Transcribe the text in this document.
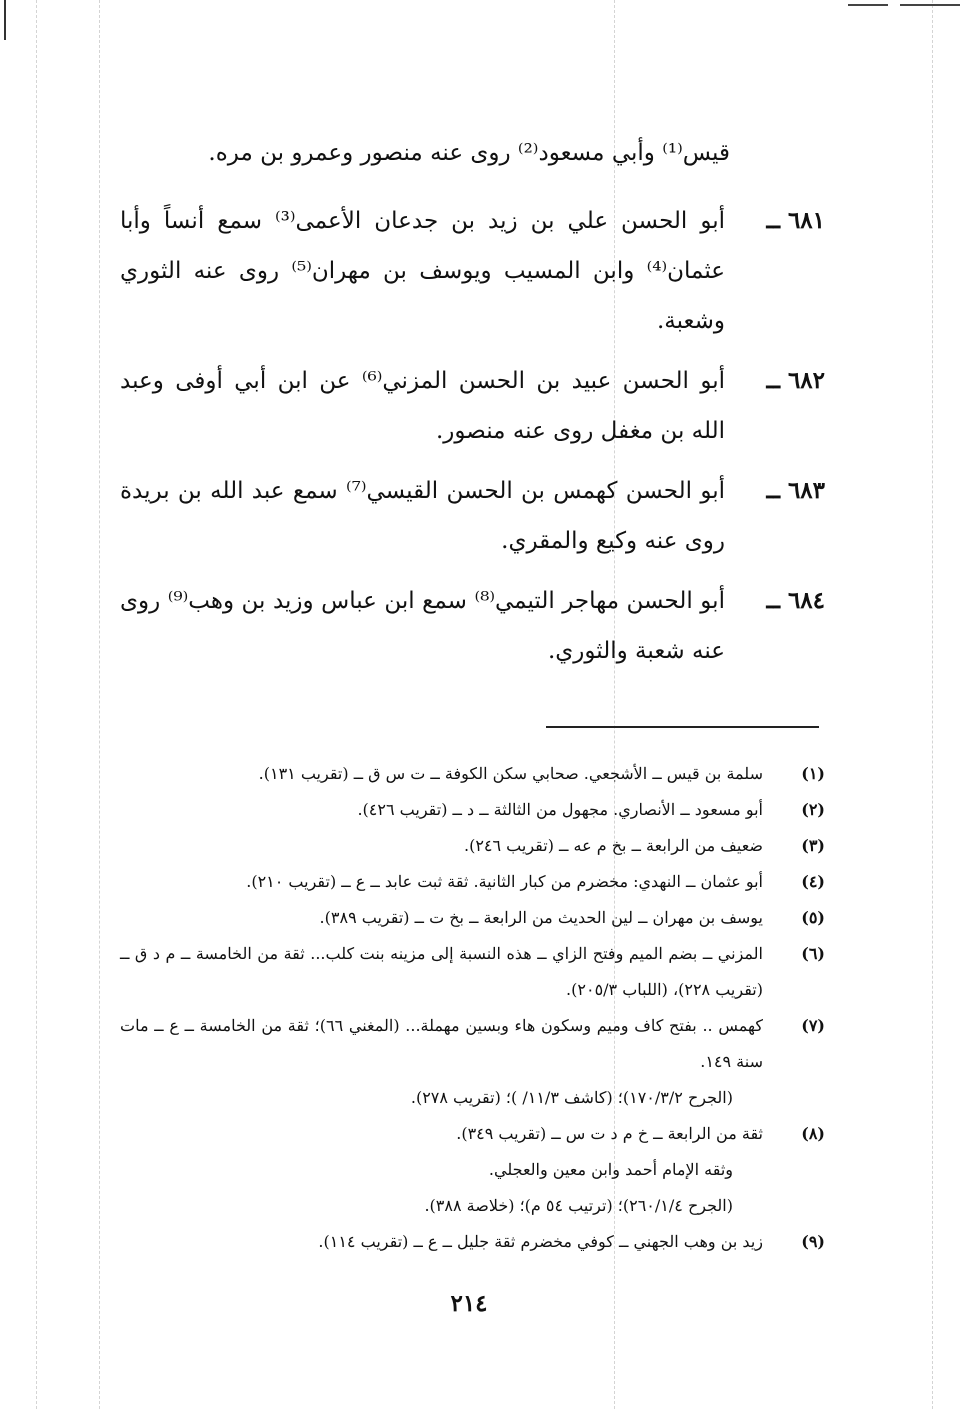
قيس⁽¹⁾ وأبي مسعود⁽²⁾ روى عنه منصور وعمرو بن مره.
٦٨١ ــ
أبو الحسن علي بن زيد بن جدعان الأعمى⁽³⁾ سمع أنساً وأبا عثمان⁽⁴⁾ وابن المسيب ويوسف بن مهران⁽⁵⁾ روى عنه الثوري وشعبة.
٦٨٢ ــ
أبو الحسن عبيد بن الحسن المزني⁽⁶⁾ عن ابن أبي أوفى وعبد الله بن مغفل روى عنه منصور.
٦٨٣ ــ
أبو الحسن كهمس بن الحسن القيسي⁽⁷⁾ سمع عبد الله بن بريدة روى عنه وكيع والمقري.
٦٨٤ ــ
أبو الحسن مهاجر التيمي⁽⁸⁾ سمع ابن عباس وزيد بن وهب⁽⁹⁾ روى عنه شعبة والثوري.
(١)
سلمة بن قيس ــ الأشجعي. صحابي سكن الكوفة ــ ت س ق ــ (تقريب ١٣١).
(٢)
أبو مسعود ــ الأنصاري. مجهول من الثالثة ــ د ــ (تقريب ٤٢٦).
(٣)
ضعيف من الرابعة ــ بخ م عه ــ (تقريب ٢٤٦).
(٤)
أبو عثمان ــ النهدي: مخضرم من كبار الثانية. ثقة ثبت عابد ــ ع ــ (تقريب ٢١٠).
(٥)
يوسف بن مهران ــ لين الحديث من الرابعة ــ بخ ت ــ (تقريب ٣٨٩).
(٦)
المزني ــ بضم الميم وفتح الزاي ــ هذه النسبة إلى مزينه بنت كلب... ثقة من الخامسة ــ م د ق ــ (تقريب ٢٢٨)، (اللباب ٢٠٥/٣).
(٧)
كهمس .. بفتح كاف وميم وسكون هاء وبسين مهملة... (المغني ٦٦)؛ ثقة من الخامسة ــ ع ــ مات سنة ١٤٩.
(الجرح ١٧٠/٣/٢)؛ (كاشف ١١/٣/ )؛ (تقريب ٢٧٨).
(٨)
ثقة من الرابعة ــ خ م د ت س ــ (تقريب ٣٤٩).
وثقه الإمام أحمد وابن معين والعجلي.
(الجرح ٢٦٠/١/٤)؛ (ترتيب ٥٤ م)؛ (خلاصة ٣٨٨).
(٩)
زيد بن وهب الجهني ــ كوفي مخضرم ثقة جليل ــ ع ــ (تقريب ١١٤).
٢١٤
